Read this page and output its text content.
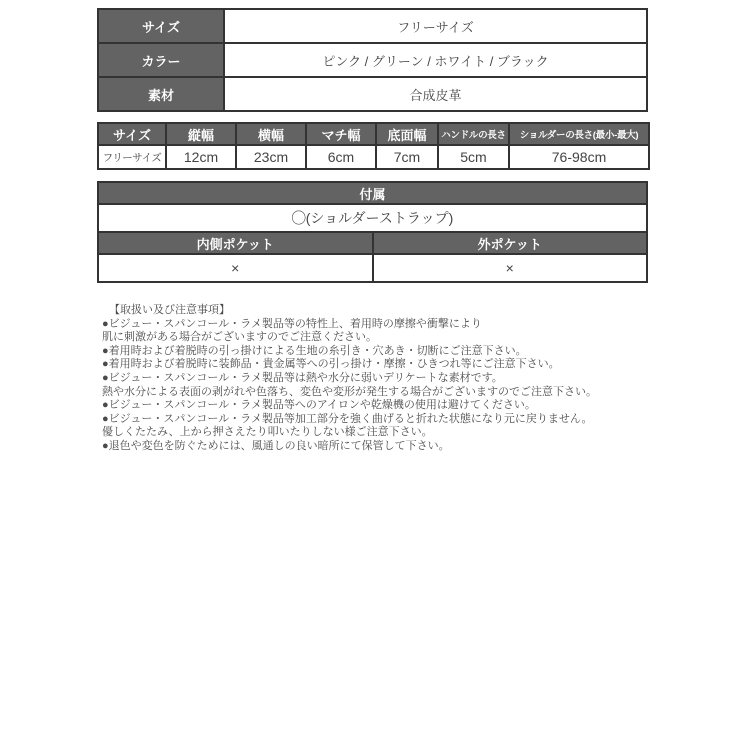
サイズ	フリーサイズ
カラー	ピンク / グリーン / ホワイト / ブラック
素材	合成皮革
サイズ	縦幅	横幅	マチ幅	底面幅	ハンドルの長さ	ショルダーの長さ(最小-最大)
フリーサイズ	12cm	23cm	6cm	7cm	5cm	76-98cm
付属	
◯(ショルダーストラップ)	
内側ポケット	外ポケット
×	×
【取扱い及び注意事項】
●ビジュー・スパンコール・ラメ製品等の特性上、着用時の摩擦や衝撃により
肌に刺激がある場合がございますのでご注意ください。
●着用時および着脱時の引っ掛けによる生地の糸引き・穴あき・切断にご注意下さい。
●着用時および着脱時に装飾品・貴金属等への引っ掛け・摩擦・ひきつれ等にご注意下さい。
●ビジュー・スパンコール・ラメ製品等は熱や水分に弱いデリケートな素材です。
熱や水分による表面の剥がれや色落ち、変色や変形が発生する場合がございますのでご注意下さい。
●ビジュー・スパンコール・ラメ製品等へのアイロンや乾燥機の使用は避けてください。
●ビジュー・スパンコール・ラメ製品等加工部分を強く曲げると折れた状態になり元に戻りません。
優しくたたみ、上から押さえたり叩いたりしない様ご注意下さい。
●退色や変色を防ぐためには、風通しの良い暗所にて保管して下さい。
